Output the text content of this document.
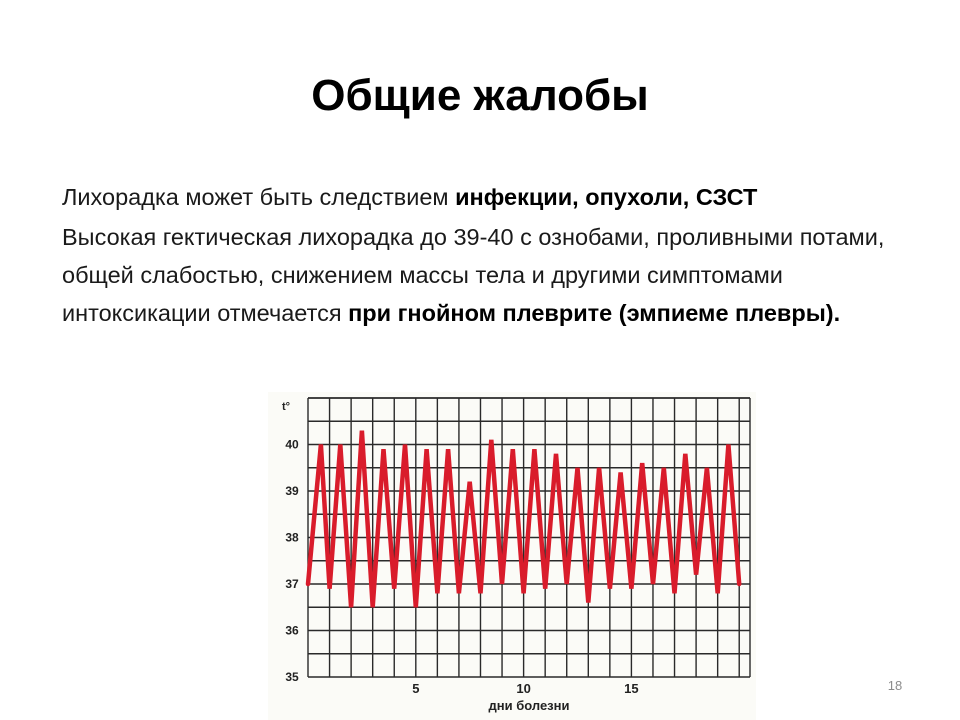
Общие жалобы

Лихорадка может быть следствием инфекции, опухоли, СЗСТ

Высокая гектическая лихорадка до 39-40 с ознобами, проливными потами, общей слабостью, снижением массы тела и другими симптомами интоксикации отмечается при гнойном плеврите (эмпиеме плевры).

35
36
37
38
39
40
5	10	15
t°
дни болезни
18
